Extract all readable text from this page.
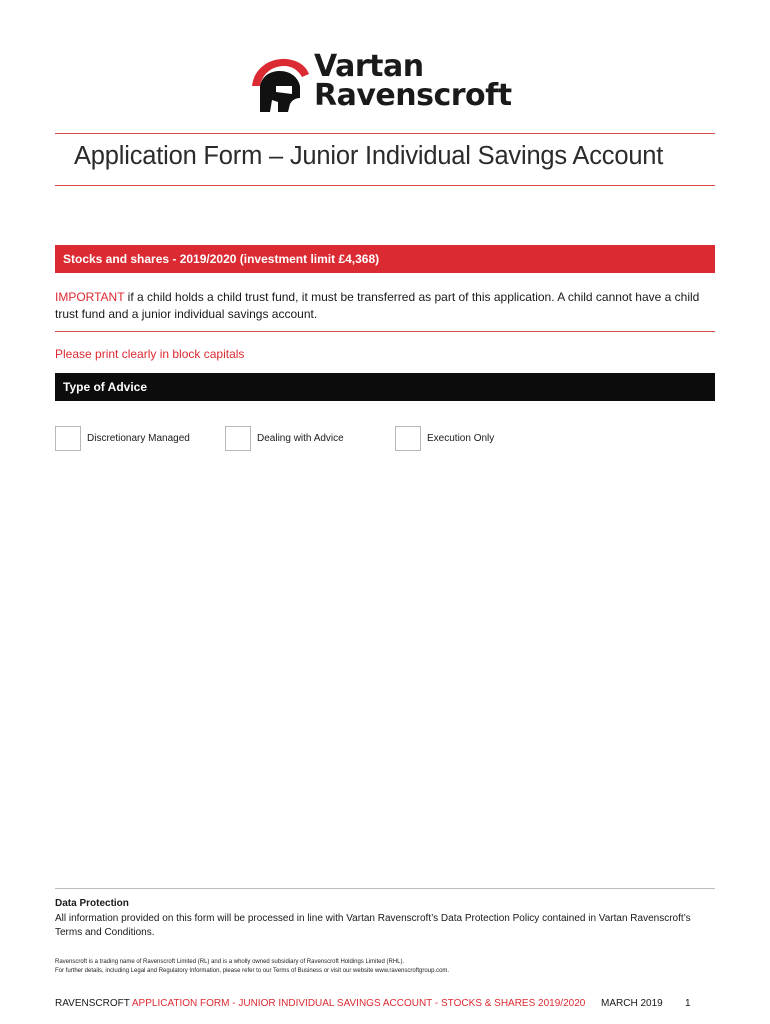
Vartan
Ravenscroft
Application Form – Junior Individual Savings Account
Stocks and shares - 2019/2020 (investment limit £4,368)

IMPORTANT if a child holds a child trust fund, it must be transferred as part of this application. A child cannot have a child trust fund and a junior individual savings account.

Please print clearly in block capitals
Type of Advice
Discretionary Managed	Dealing with Advice	Execution Only
Data Protection

All information provided on this form will be processed in line with Vartan Ravenscroft’s Data Protection Policy contained in Vartan Ravenscroft’s Terms and Conditions.

Ravenscroft is a trading name of Ravenscroft Limited (RL) and is a wholly owned subsidiary of Ravenscroft Holdings Limited (RHL).
For further details, including Legal and Regulatory Information, please refer to our Terms of Business or visit our website www.ravenscroftgroup.com.
RAVENSCROFT APPLICATION FORM - JUNIOR INDIVIDUAL SAVINGS ACCOUNT - STOCKS & SHARES 2019/2020 MARCH 2019 1
